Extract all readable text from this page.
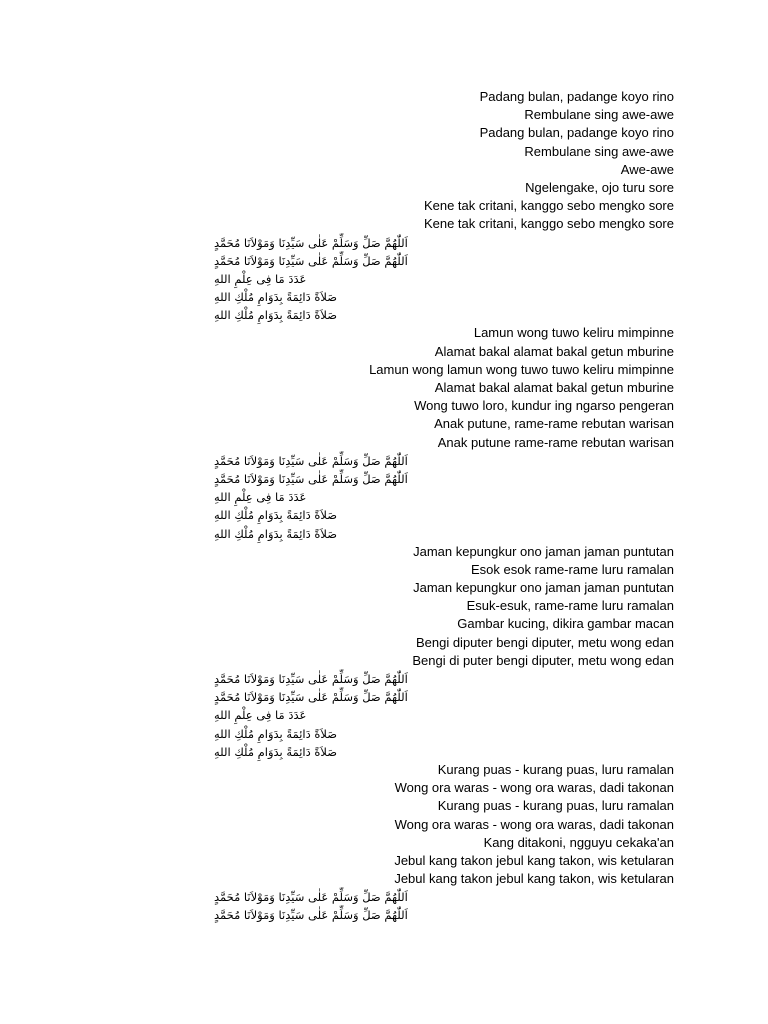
Padang bulan, padange koyo rino
Rembulane sing awe-awe
Padang bulan, padange koyo rino
Rembulane sing awe-awe
Awe-awe
Ngelengake, ojo turu sore
Kene tak critani, kanggo sebo mengko sore
Kene tak critani, kanggo sebo mengko sore
اَللّٰهُمَّ صَلِّ وَسَلِّمْ عَلٰى سَيِّدِنَا وَمَوْلاَنَا مُحَمَّدٍ
اَللّٰهُمَّ صَلِّ وَسَلِّمْ عَلٰى سَيِّدِنَا وَمَوْلاَنَا مُحَمَّدٍ
عَدَدَ مَا فِى عِلْمِ اللهِ
صَلاَةً دَائِمَةً بِدَوَامِ مُلْكِ اللهِ
صَلاَةً دَائِمَةً بِدَوَامِ مُلْكِ اللهِ
Lamun wong tuwo keliru mimpinne
Alamat bakal alamat bakal getun mburine
Lamun wong lamun wong tuwo tuwo keliru mimpinne
Alamat bakal alamat bakal getun mburine
Wong tuwo loro, kundur ing ngarso pengeran
Anak putune, rame-rame rebutan warisan
Anak putune rame-rame rebutan warisan
اَللّٰهُمَّ صَلِّ وَسَلِّمْ عَلٰى سَيِّدِنَا وَمَوْلاَنَا مُحَمَّدٍ
اَللّٰهُمَّ صَلِّ وَسَلِّمْ عَلٰى سَيِّدِنَا وَمَوْلاَنَا مُحَمَّدٍ
عَدَدَ مَا فِى عِلْمِ اللهِ
صَلاَةً دَائِمَةً بِدَوَامِ مُلْكِ اللهِ
صَلاَةً دَائِمَةً بِدَوَامِ مُلْكِ اللهِ
Jaman kepungkur ono jaman jaman puntutan
Esok esok rame-rame luru ramalan
Jaman kepungkur ono jaman jaman puntutan
Esuk-esuk, rame-rame luru ramalan
Gambar kucing, dikira gambar macan
Bengi diputer bengi diputer, metu wong edan
Bengi di puter bengi diputer, metu wong edan
اَللّٰهُمَّ صَلِّ وَسَلِّمْ عَلٰى سَيِّدِنَا وَمَوْلاَنَا مُحَمَّدٍ
اَللّٰهُمَّ صَلِّ وَسَلِّمْ عَلٰى سَيِّدِنَا وَمَوْلاَنَا مُحَمَّدٍ
عَدَدَ مَا فِى عِلْمِ اللهِ
صَلاَةً دَائِمَةً بِدَوَامِ مُلْكِ اللهِ
صَلاَةً دَائِمَةً بِدَوَامِ مُلْكِ اللهِ
Kurang puas - kurang puas, luru ramalan
Wong ora waras - wong ora waras, dadi takonan
Kurang puas - kurang puas, luru ramalan
Wong ora waras - wong ora waras, dadi takonan
Kang ditakoni, ngguyu cekaka'an
Jebul kang takon jebul kang takon, wis ketularan
Jebul kang takon jebul kang takon, wis ketularan
اَللّٰهُمَّ صَلِّ وَسَلِّمْ عَلٰى سَيِّدِنَا وَمَوْلاَنَا مُحَمَّدٍ
اَللّٰهُمَّ صَلِّ وَسَلِّمْ عَلٰى سَيِّدِنَا وَمَوْلاَنَا مُحَمَّدٍ
